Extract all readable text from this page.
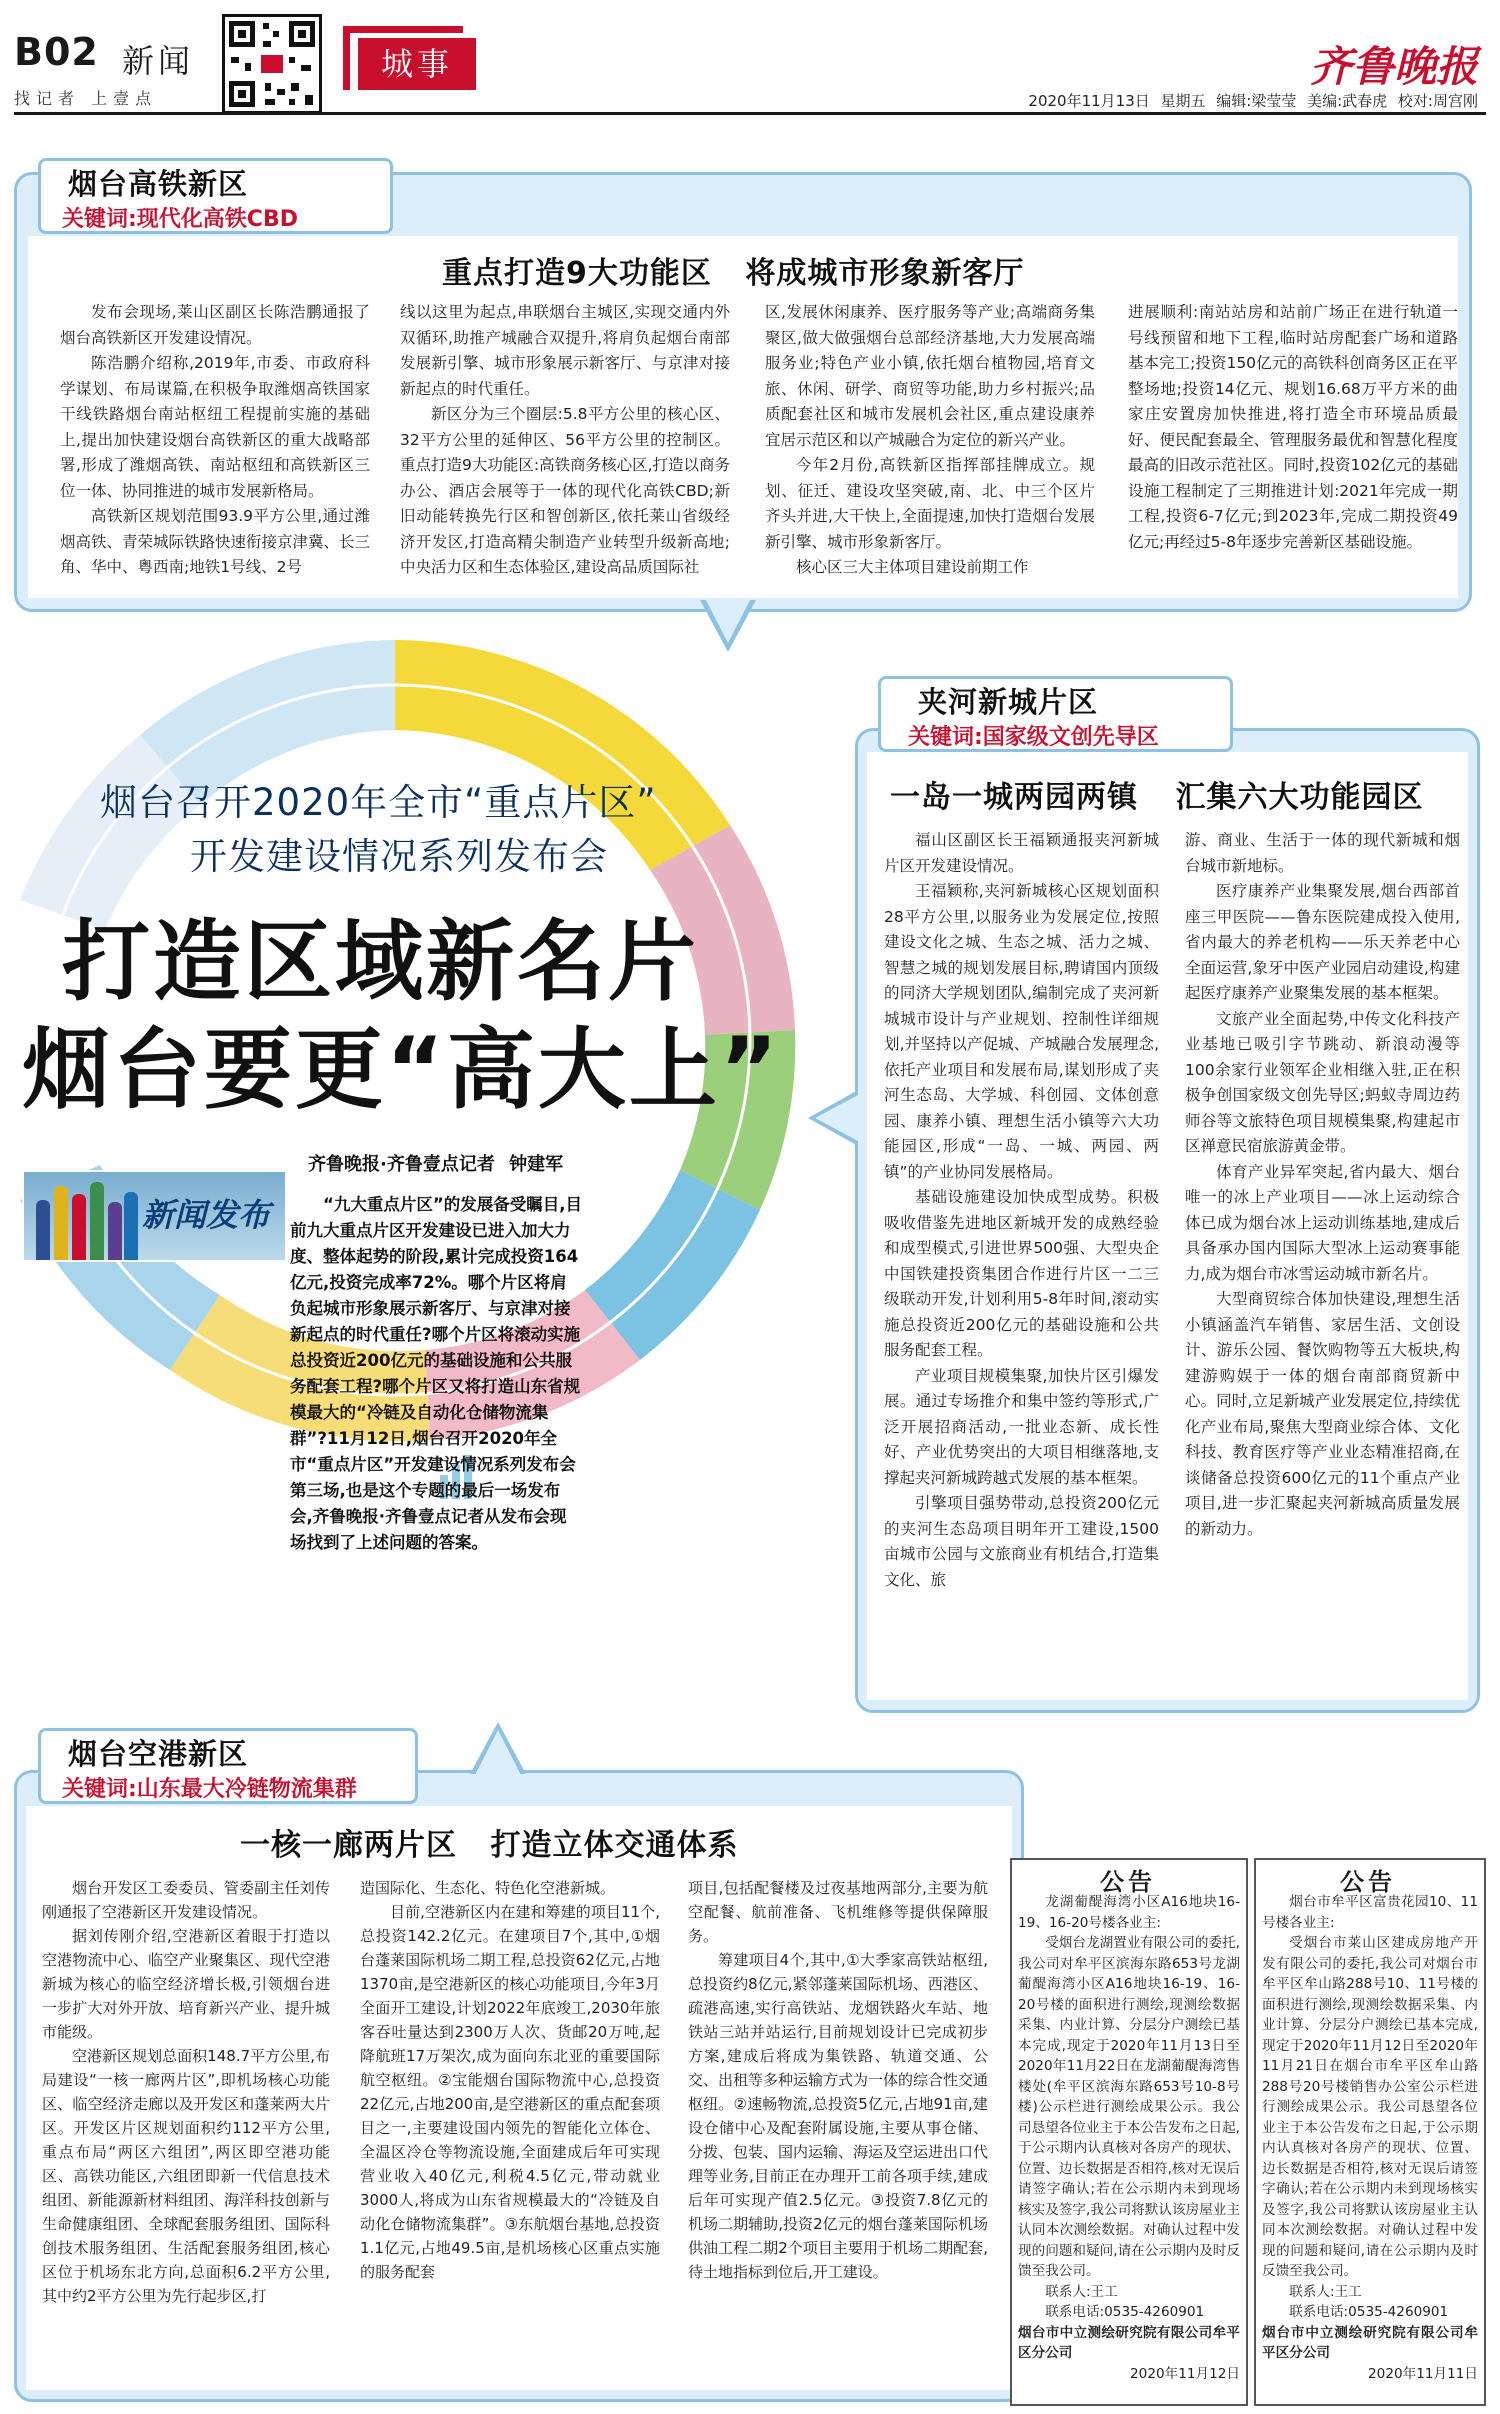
B02 新闻
找记者 上壹点
城事	齐鲁晚报
2020年11月13日 星期五 编辑:梁莹莹 美编:武春虎 校对:周宫刚
烟台召开2020年全市“重点片区”
开发建设情况系列发布会
打造区域新名片
烟台要更“高大上”
齐鲁晚报·齐鲁壹点记者 钟建军
新闻发布	“九大重点片区”的发展备受瞩目,目前九大重点片区开发建设已进入加大力度、整体起势的阶段,累计完成投资164亿元,投资完成率72%。哪个片区将肩负起城市形象展示新客厅、与京津对接新起点的时代重任?哪个片区将滚动实施总投资近200亿元的基础设施和公共服务配套工程?哪个片区又将打造山东省规模最大的“冷链及自动化仓储物流集群”?11月12日,烟台召开2020年全市“重点片区”开发建设情况系列发布会第三场,也是这个专题的最后一场发布会,齐鲁晚报·齐鲁壹点记者从发布会现场找到了上述问题的答案。
烟台高铁新区
关键词:现代化高铁CBD
重点打造9大功能区 将成城市形象新客厅

发布会现场,莱山区副区长陈浩鹏通报了烟台高铁新区开发建设情况。

陈浩鹏介绍称,2019年,市委、市政府科学谋划、布局谋篇,在积极争取潍烟高铁国家干线铁路烟台南站枢纽工程提前实施的基础上,提出加快建设烟台高铁新区的重大战略部署,形成了潍烟高铁、南站枢纽和高铁新区三位一体、协同推进的城市发展新格局。

高铁新区规划范围93.9平方公里,通过潍烟高铁、青荣城际铁路快速衔接京津冀、长三角、华中、粤西南;地铁1号线、2号

线以这里为起点,串联烟台主城区,实现交通内外双循环,助推产城融合双提升,将肩负起烟台南部发展新引擎、城市形象展示新客厅、与京津对接新起点的时代重任。

新区分为三个圈层:5.8平方公里的核心区、32平方公里的延伸区、56平方公里的控制区。重点打造9大功能区:高铁商务核心区,打造以商务办公、酒店会展等于一体的现代化高铁CBD;新旧动能转换先行区和智创新区,依托莱山省级经济开发区,打造高精尖制造产业转型升级新高地;中央活力区和生态体验区,建设高品质国际社

区,发展休闲康养、医疗服务等产业;高端商务集聚区,做大做强烟台总部经济基地,大力发展高端服务业;特色产业小镇,依托烟台植物园,培育文旅、休闲、研学、商贸等功能,助力乡村振兴;品质配套社区和城市发展机会社区,重点建设康养宜居示范区和以产城融合为定位的新兴产业。

今年2月份,高铁新区指挥部挂牌成立。规划、征迁、建设攻坚突破,南、北、中三个区片齐头并进,大干快上,全面提速,加快打造烟台发展新引擎、城市形象新客厅。

核心区三大主体项目建设前期工作

进展顺利:南站站房和站前广场正在进行轨道一号线预留和地下工程,临时站房配套广场和道路基本完工;投资150亿元的高铁科创商务区正在平整场地;投资14亿元、规划16.68万平方米的曲家庄安置房加快推进,将打造全市环境品质最好、便民配套最全、管理服务最优和智慧化程度最高的旧改示范社区。同时,投资102亿元的基础设施工程制定了三期推进计划:2021年完成一期工程,投资6-7亿元;到2023年,完成二期投资49亿元;再经过5-8年逐步完善新区基础设施。

夹河新城片区
关键词:国家级文创先导区
一岛一城两园两镇 汇集六大功能园区

福山区副区长王福颖通报夹河新城片区开发建设情况。

王福颖称,夹河新城核心区规划面积28平方公里,以服务业为发展定位,按照建设文化之城、生态之城、活力之城、智慧之城的规划发展目标,聘请国内顶级的同济大学规划团队,编制完成了夹河新城城市设计与产业规划、控制性详细规划,并坚持以产促城、产城融合发展理念,依托产业项目和发展布局,谋划形成了夹河生态岛、大学城、科创园、文体创意园、康养小镇、理想生活小镇等六大功能园区,形成“一岛、一城、两园、两镇”的产业协同发展格局。

基础设施建设加快成型成势。积极吸收借鉴先进地区新城开发的成熟经验和成型模式,引进世界500强、大型央企中国铁建投资集团合作进行片区一二三级联动开发,计划利用5-8年时间,滚动实施总投资近200亿元的基础设施和公共服务配套工程。

产业项目规模集聚,加快片区引爆发展。通过专场推介和集中签约等形式,广泛开展招商活动,一批业态新、成长性好、产业优势突出的大项目相继落地,支撑起夹河新城跨越式发展的基本框架。

引擎项目强势带动,总投资200亿元的夹河生态岛项目明年开工建设,1500亩城市公园与文旅商业有机结合,打造集文化、旅

游、商业、生活于一体的现代新城和烟台城市新地标。

医疗康养产业集聚发展,烟台西部首座三甲医院——鲁东医院建成投入使用,省内最大的养老机构——乐天养老中心全面运营,象牙中医产业园启动建设,构建起医疗康养产业聚集发展的基本框架。

文旅产业全面起势,中传文化科技产业基地已吸引字节跳动、新浪动漫等100余家行业领军企业相继入驻,正在积极争创国家级文创先导区;蚂蚁寺周边药师谷等文旅特色项目规模集聚,构建起市区禅意民宿旅游黄金带。

体育产业异军突起,省内最大、烟台唯一的冰上产业项目——冰上运动综合体已成为烟台冰上运动训练基地,建成后具备承办国内国际大型冰上运动赛事能力,成为烟台市冰雪运动城市新名片。

大型商贸综合体加快建设,理想生活小镇涵盖汽车销售、家居生活、文创设计、游乐公园、餐饮购物等五大板块,构建游购娱于一体的烟台南部商贸新中心。同时,立足新城产业发展定位,持续优化产业布局,聚焦大型商业综合体、文化科技、教育医疗等产业业态精准招商,在谈储备总投资600亿元的11个重点产业项目,进一步汇聚起夹河新城高质量发展的新动力。

烟台空港新区
关键词:山东最大冷链物流集群
一核一廊两片区 打造立体交通体系

烟台开发区工委委员、管委副主任刘传刚通报了空港新区开发建设情况。

据刘传刚介绍,空港新区着眼于打造以空港物流中心、临空产业聚集区、现代空港新城为核心的临空经济增长极,引领烟台进一步扩大对外开放、培育新兴产业、提升城市能级。

空港新区规划总面积148.7平方公里,布局建设“一核一廊两片区”,即机场核心功能区、临空经济走廊以及开发区和蓬莱两大片区。开发区片区规划面积约112平方公里,重点布局“两区六组团”,两区即空港功能区、高铁功能区,六组团即新一代信息技术组团、新能源新材料组团、海洋科技创新与生命健康组团、全球配套服务组团、国际科创技术服务组团、生活配套服务组团,核心区位于机场东北方向,总面积6.2平方公里,其中约2平方公里为先行起步区,打

造国际化、生态化、特色化空港新城。

目前,空港新区内在建和筹建的项目11个,总投资142.2亿元。在建项目7个,其中,①烟台蓬莱国际机场二期工程,总投资62亿元,占地1370亩,是空港新区的核心功能项目,今年3月全面开工建设,计划2022年底竣工,2030年旅客吞吐量达到2300万人次、货邮20万吨,起降航班17万架次,成为面向东北亚的重要国际航空枢纽。②宝能烟台国际物流中心,总投资22亿元,占地200亩,是空港新区的重点配套项目之一,主要建设国内领先的智能化立体仓、全温区冷仓等物流设施,全面建成后年可实现营业收入40亿元,利税4.5亿元,带动就业3000人,将成为山东省规模最大的“冷链及自动化仓储物流集群”。③东航烟台基地,总投资1.1亿元,占地49.5亩,是机场核心区重点实施的服务配套

项目,包括配餐楼及过夜基地两部分,主要为航空配餐、航前准备、飞机维修等提供保障服务。

筹建项目4个,其中,①大季家高铁站枢纽,总投资约8亿元,紧邻蓬莱国际机场、西港区、疏港高速,实行高铁站、龙烟铁路火车站、地铁站三站并站运行,目前规划设计已完成初步方案,建成后将成为集铁路、轨道交通、公交、出租等多种运输方式为一体的综合性交通枢纽。②速畅物流,总投资5亿元,占地91亩,建设仓储中心及配套附属设施,主要从事仓储、分拨、包装、国内运输、海运及空运进出口代理等业务,目前正在办理开工前各项手续,建成后年可实现产值2.5亿元。③投资7.8亿元的机场二期辅助,投资2亿元的烟台蓬莱国际机场供油工程二期2个项目主要用于机场二期配套,待土地指标到位后,开工建设。

公告
龙湖葡醍海湾小区A16地块16-19、16-20号楼各业主:
受烟台龙湖置业有限公司的委托,我公司对牟平区滨海东路653号龙湖葡醍海湾小区A16地块16-19、16-20号楼的面积进行测绘,现测绘数据采集、内业计算、分层分户测绘已基本完成,现定于2020年11月13日至2020年11月22日在龙湖葡醍海湾售楼处(牟平区滨海东路653号10-8号楼)公示栏进行测绘成果公示。我公司恳望各位业主于本公告发布之日起,于公示期内认真核对各房产的现状、位置、边长数据是否相符,核对无误后请签字确认;若在公示期内未到现场核实及签字,我公司将默认该房屋业主认同本次测绘数据。对确认过程中发现的问题和疑问,请在公示期内及时反馈至我公司。
联系人:王工
联系电话:0535-4260901
烟台市中立测绘研究院有限公司牟平区分公司
2020年11月12日
公告
烟台市牟平区富贵花园10、11号楼各业主:
受烟台市莱山区建成房地产开发有限公司的委托,我公司对烟台市牟平区牟山路288号10、11号楼的面积进行测绘,现测绘数据采集、内业计算、分层分户测绘已基本完成,现定于2020年11月12日至2020年11月21日在烟台市牟平区牟山路288号20号楼销售办公室公示栏进行测绘成果公示。我公司恳望各位业主于本公告发布之日起,于公示期内认真核对各房产的现状、位置、边长数据是否相符,核对无误后请签字确认;若在公示期内未到现场核实及签字,我公司将默认该房屋业主认同本次测绘数据。对确认过程中发现的问题和疑问,请在公示期内及时反馈至我公司。
联系人:王工
联系电话:0535-4260901
烟台市中立测绘研究院有限公司牟平区分公司
2020年11月11日
